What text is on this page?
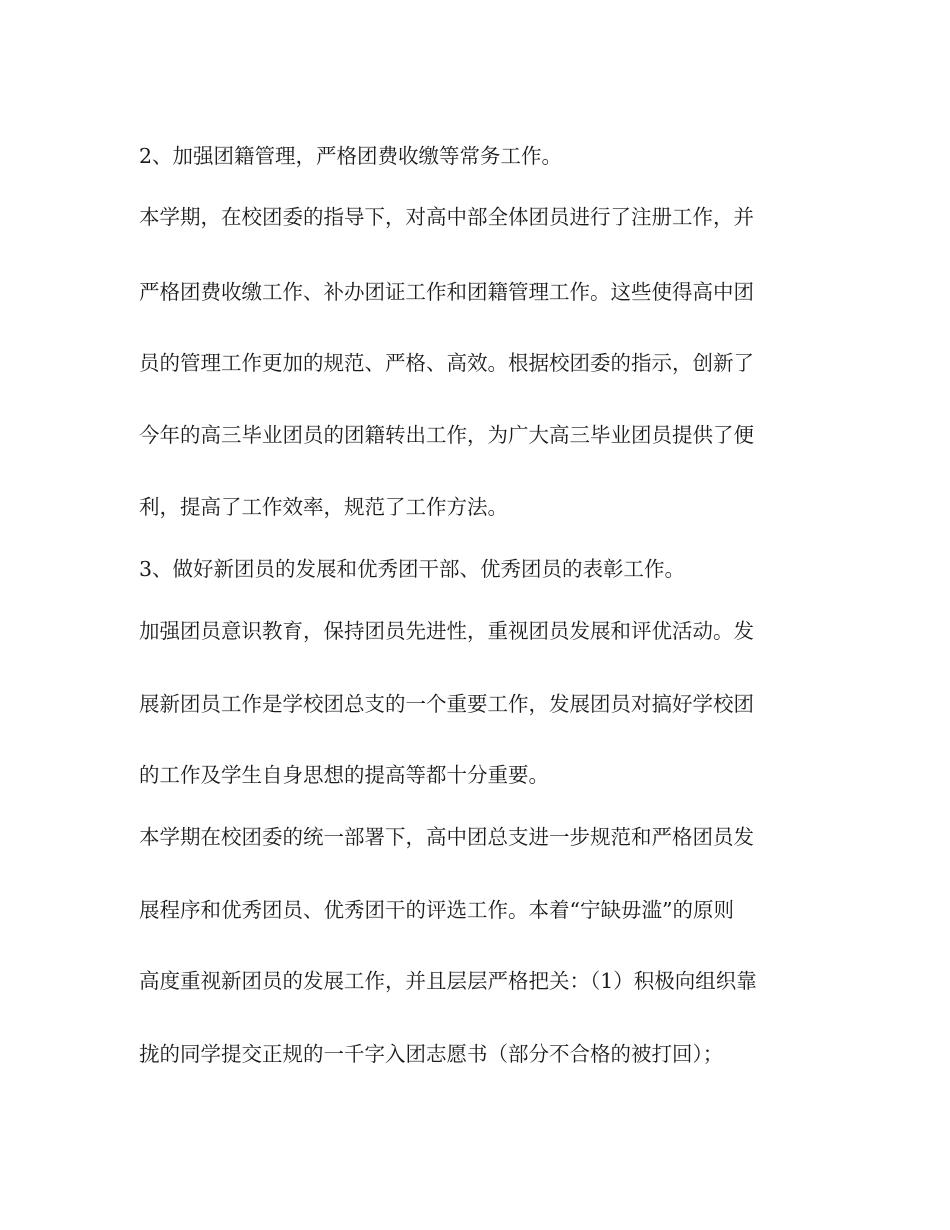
2、加强团籍管理，严格团费收缴等常务工作。

本学期，在校团委的指导下，对高中部全体团员进行了注册工作，并

严格团费收缴工作、补办团证工作和团籍管理工作。这些使得高中团

员的管理工作更加的规范、严格、高效。根据校团委的指示，创新了

今年的高三毕业团员的团籍转出工作，为广大高三毕业团员提供了便

利，提高了工作效率，规范了工作方法。

3、做好新团员的发展和优秀团干部、优秀团员的表彰工作。

加强团员意识教育，保持团员先进性，重视团员发展和评优活动。发

展新团员工作是学校团总支的一个重要工作，发展团员对搞好学校团

的工作及学生自身思想的提高等都十分重要。

本学期在校团委的统一部署下，高中团总支进一步规范和严格团员发

展程序和优秀团员、优秀团干的评选工作。本着“宁缺毋滥”的原则

高度重视新团员的发展工作，并且层层严格把关：（1）积极向组织靠

拢的同学提交正规的一千字入团志愿书（部分不合格的被打回）；
